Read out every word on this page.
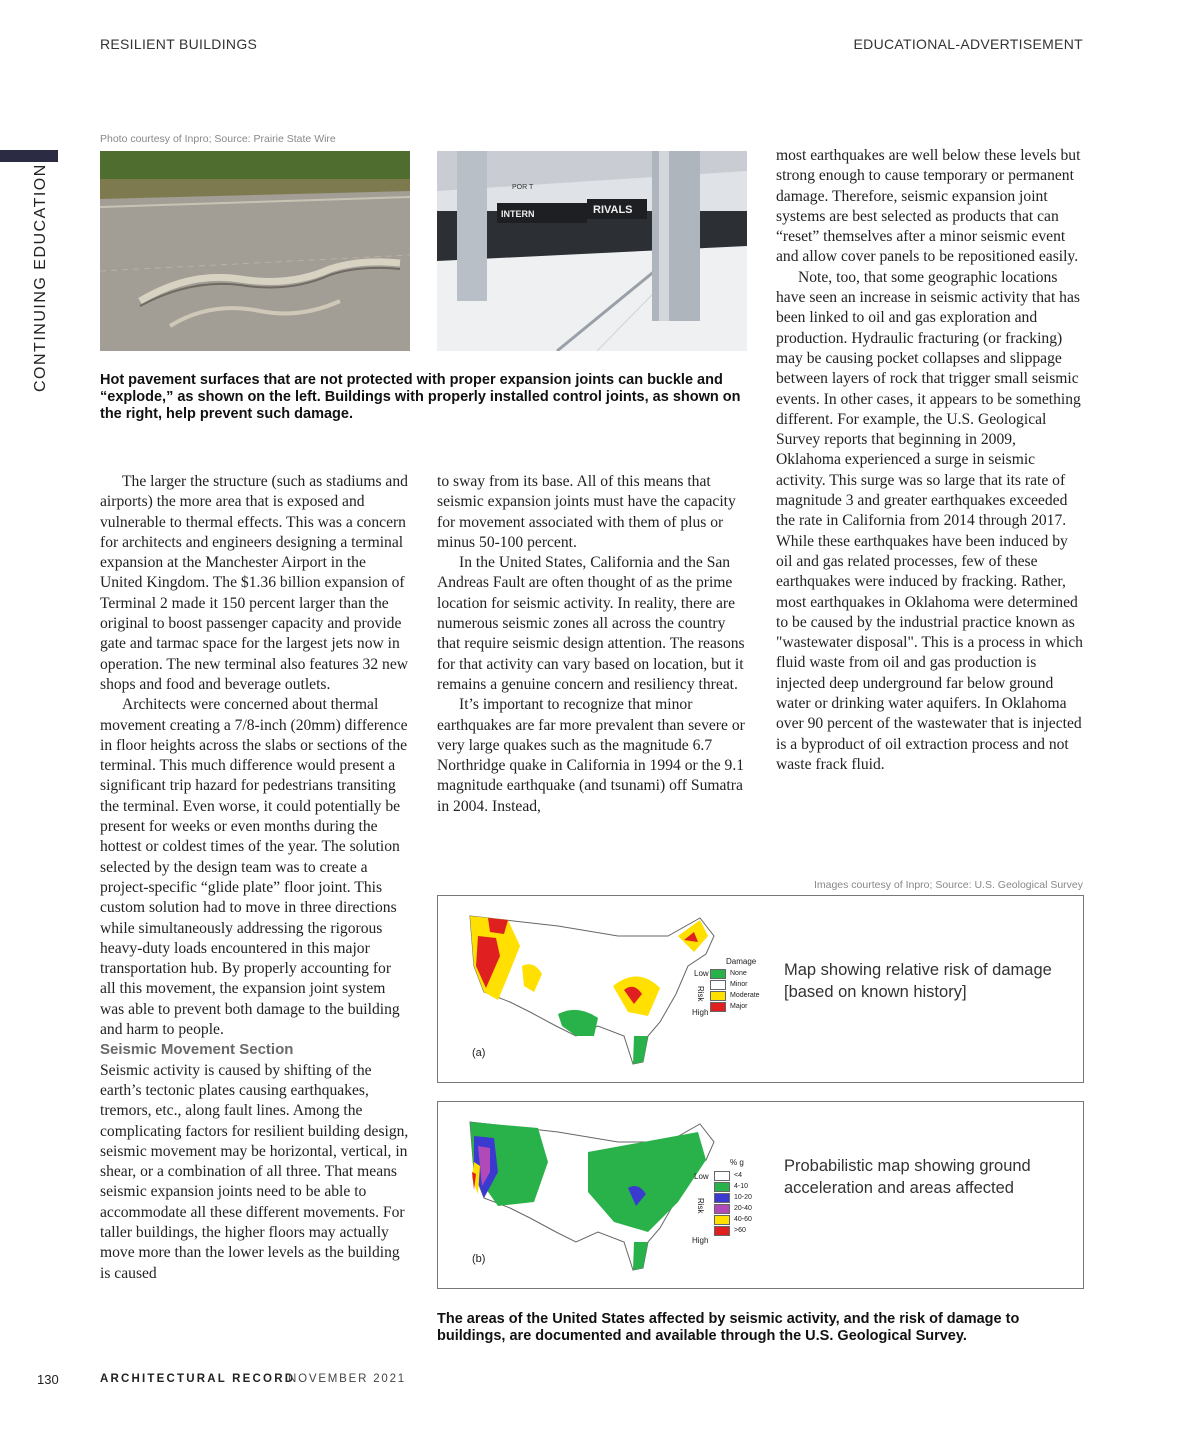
RESILIENT BUILDINGS	EDUCATIONAL-ADVERTISEMENT
CONTINUING EDUCATION
Photo courtesy of Inpro; Source: Prairie State Wire
POR T
INTERN	RIVALS
Hot pavement surfaces that are not protected with proper expansion joints can buckle and “explode,” as shown on the left. Buildings with properly installed control joints, as shown on the right, help prevent such damage.

The larger the structure (such as stadiums and airports) the more area that is exposed and vulnerable to thermal effects. This was a concern for architects and engineers designing a terminal expansion at the Manchester Airport in the United Kingdom. The $1.36 billion expansion of Terminal 2 made it 150 percent larger than the original to boost passenger capacity and provide gate and tarmac space for the largest jets now in operation. The new terminal also features 32 new shops and food and beverage outlets.

Architects were concerned about thermal movement creating a 7/8-inch (20mm) difference in floor heights across the slabs or sections of the terminal. This much difference would present a significant trip hazard for pedestrians transiting the terminal. Even worse, it could potentially be present for weeks or even months during the hottest or coldest times of the year. The solution selected by the design team was to create a project-specific “glide plate” floor joint. This custom solution had to move in three directions while simultaneously addressing the rigorous heavy-duty loads encountered in this major transportation hub. By properly accounting for all this movement, the expansion joint system was able to prevent both damage to the building and harm to people.

Seismic Movement Section

Seismic activity is caused by shifting of the earth’s tectonic plates causing earthquakes, tremors, etc., along fault lines. Among the complicating factors for resilient building design, seismic movement may be horizontal, vertical, in shear, or a combination of all three. That means seismic expansion joints need to be able to accommodate all these different movements. For taller buildings, the higher floors may actually move more than the lower levels as the building is caused

to sway from its base. All of this means that seismic expansion joints must have the capacity for movement associated with them of plus or minus 50-100 percent.

In the United States, California and the San Andreas Fault are often thought of as the prime location for seismic activity. In reality, there are numerous seismic zones all across the country that require seismic design attention. The reasons for that activity can vary based on location, but it remains a genuine concern and resiliency threat.

It’s important to recognize that minor earthquakes are far more prevalent than severe or very large quakes such as the magnitude 6.7 Northridge quake in California in 1994 or the 9.1 magnitude earthquake (and tsunami) off Sumatra in 2004. Instead,

most earthquakes are well below these levels but strong enough to cause temporary or permanent damage. Therefore, seismic expansion joint systems are best selected as products that can “reset” themselves after a minor seismic event and allow cover panels to be repositioned easily.

Note, too, that some geographic locations have seen an increase in seismic activity that has been linked to oil and gas exploration and production. Hydraulic fracturing (or fracking) may be causing pocket collapses and slippage between layers of rock that trigger small seismic events. In other cases, it appears to be something different. For example, the U.S. Geological Survey reports that beginning in 2009, Oklahoma experienced a surge in seismic activity. This surge was so large that its rate of magnitude 3 and greater earthquakes exceeded the rate in California from 2014 through 2017. While these earthquakes have been induced by oil and gas related processes, few of these earthquakes were induced by fracking. Rather, most earthquakes in Oklahoma were determined to be caused by the industrial practice known as "wastewater disposal". This is a process in which fluid waste from oil and gas production is injected deep underground far below ground water or drinking water aquifers. In Oklahoma over 90 percent of the wastewater that is injected is a byproduct of oil extraction process and not waste frack fluid.

Images courtesy of Inpro; Source: U.S. Geological Survey
(a)
Damage
Low
Risk
High
None
Minor
Moderate
Major
Map showing relative risk of damage
[based on known history]
(b)
% g
Low
Risk
High
<4
4-10
10-20
20-40
40-60
>60
Probabilistic map showing ground
acceleration and areas affected
The areas of the United States affected by seismic activity, and the risk of damage to buildings, are documented and available through the U.S. Geological Survey.
130	ARCHITECTURAL RECORD
NOVEMBER 2021
